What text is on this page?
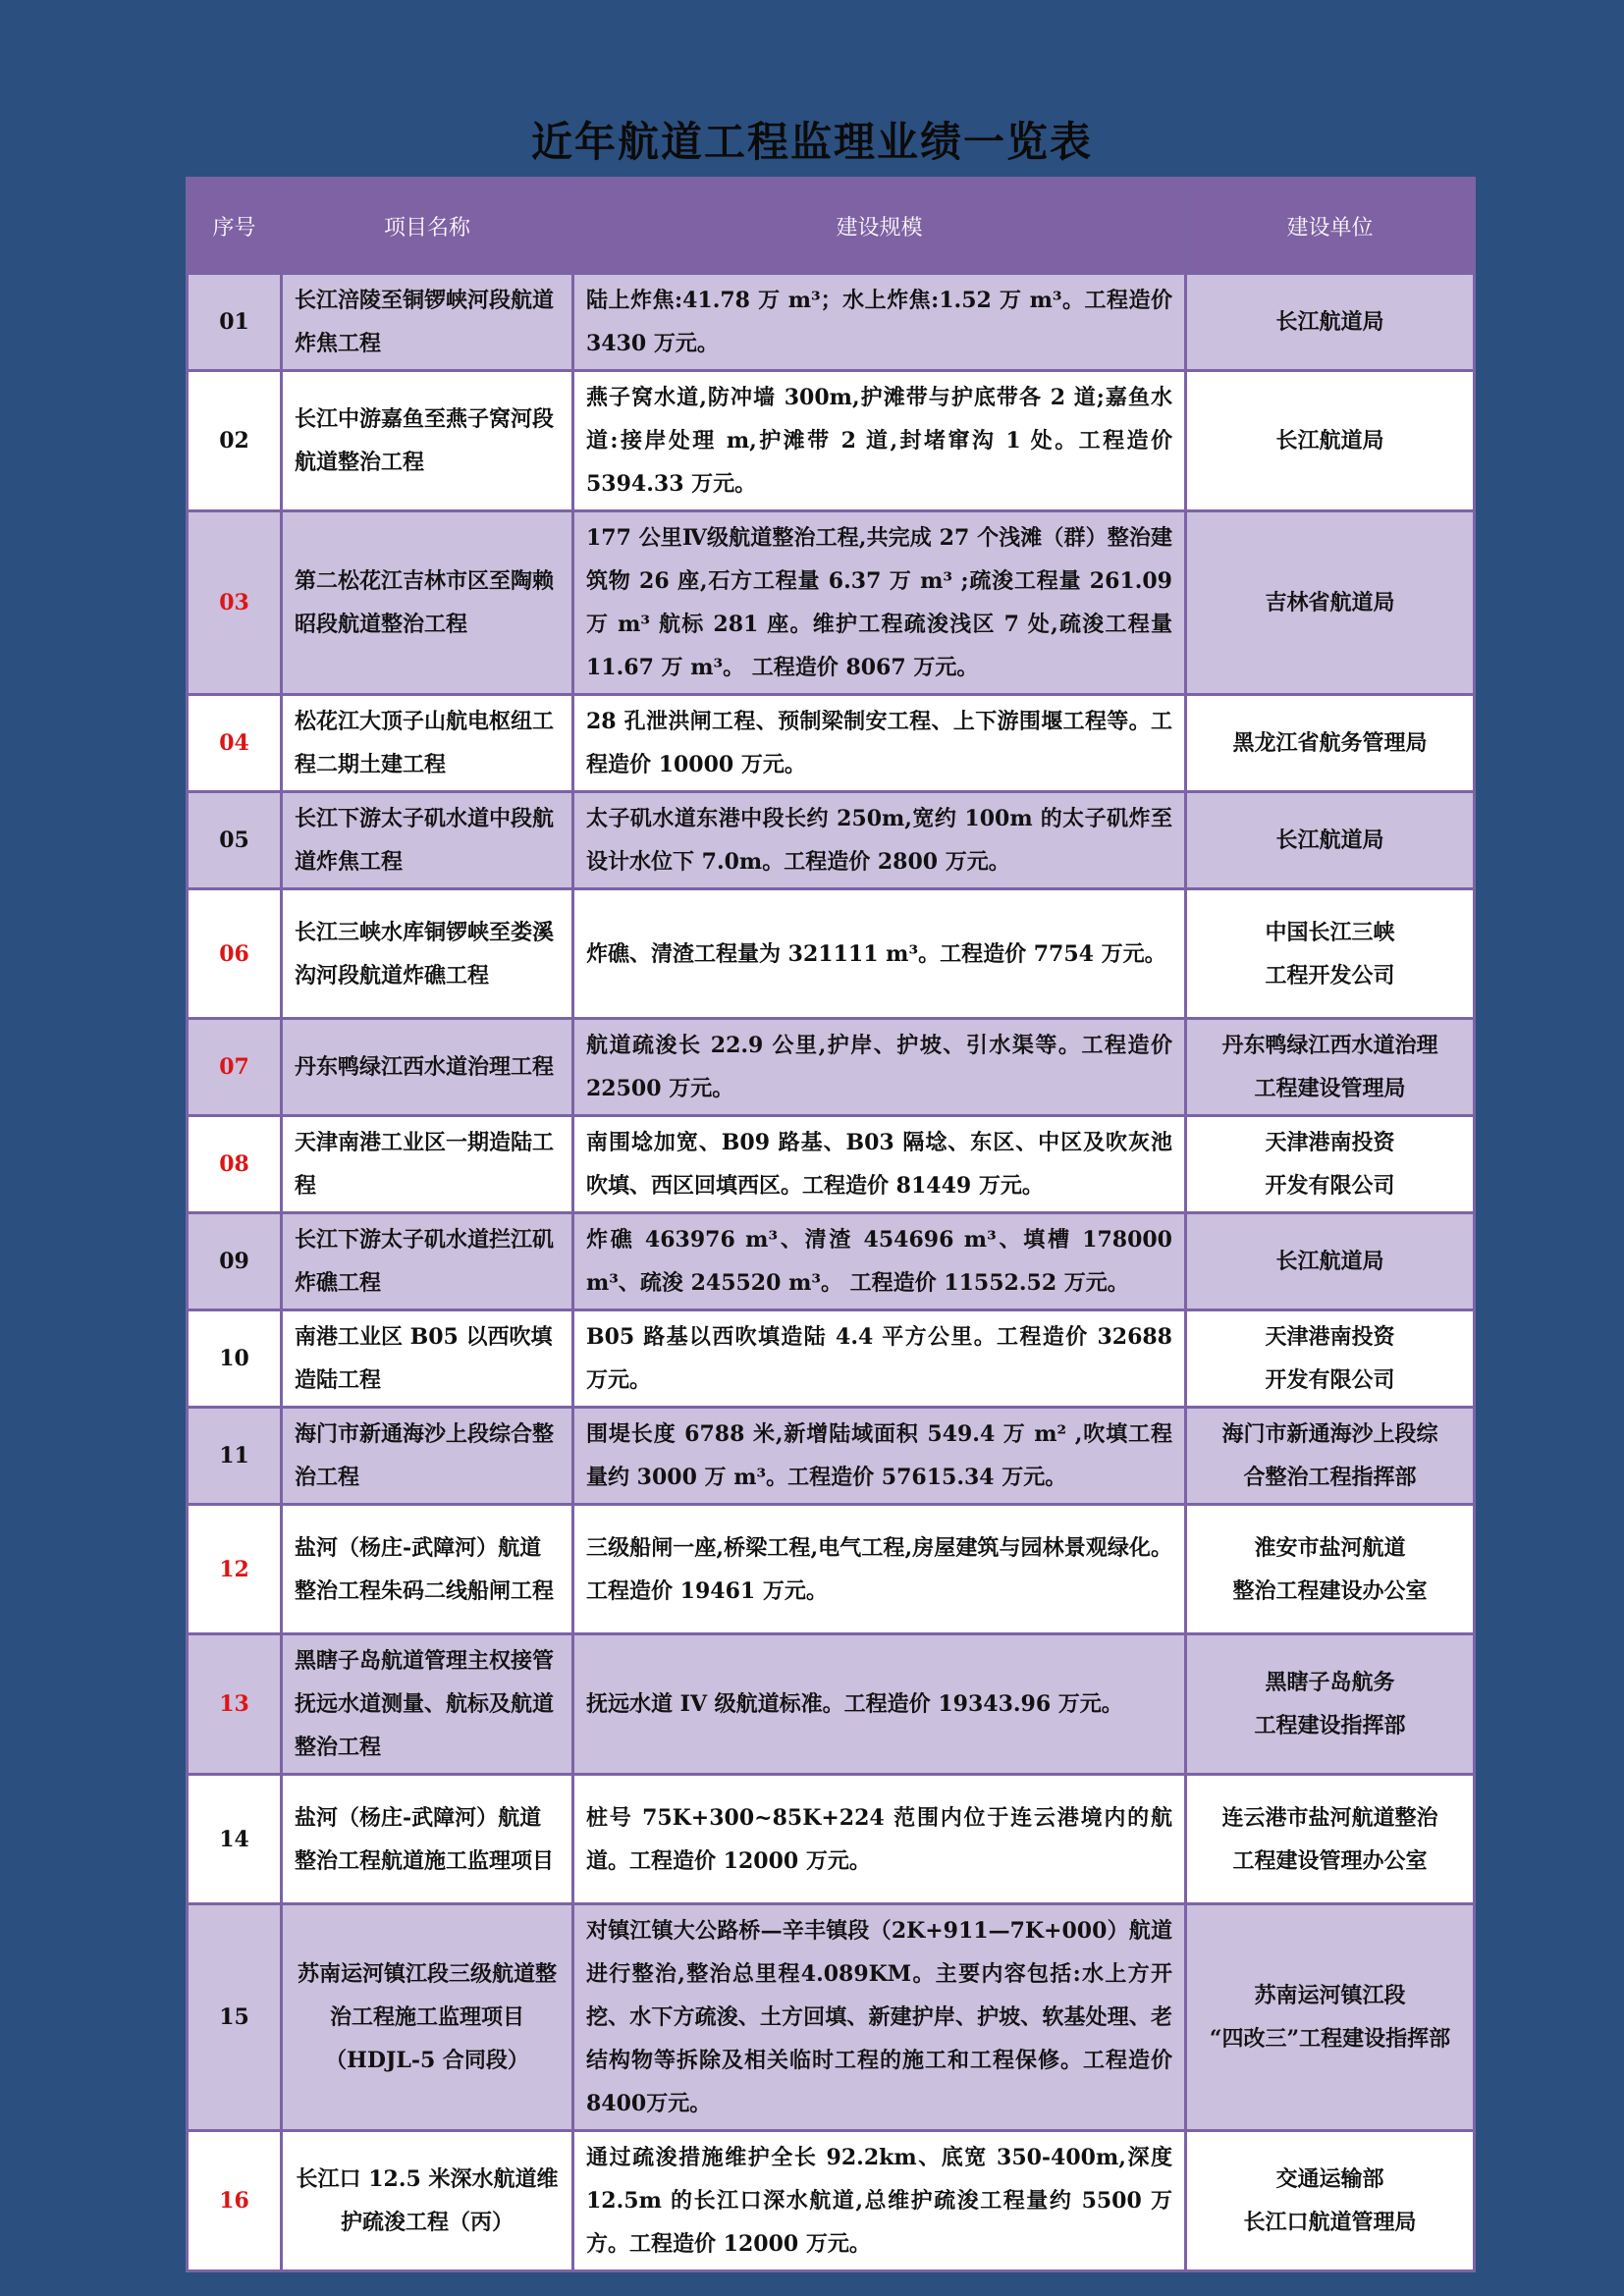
近年航道工程监理业绩一览表
序号	项目名称	建设规模	建设单位
01	长江涪陵至铜锣峡河段航道炸焦工程	陆上炸焦:41.78 万 m³；水上炸焦:1.52 万 m³。工程造价 3430 万元。	长江航道局

02	长江中游嘉鱼至燕子窝河段航道整治工程	燕子窝水道,防冲墙 300m,护滩带与护底带各 2 道;嘉鱼水道:接岸处理 m,护滩带 2 道,封堵窜沟 1 处。工程造价 5394.33 万元。	长江航道局

03	第二松花江吉林市区至陶赖昭段航道整治工程	177 公里Ⅳ级航道整治工程,共完成 27 个浅滩（群）整治建筑物 26 座,石方工程量 6.37 万 m³ ;疏浚工程量 261.09 万 m³ 航标 281 座。维护工程疏浚浅区 7 处,疏浚工程量 11.67 万 m³。 工程造价 8067 万元。	吉林省航道局

04	松花江大顶子山航电枢纽工程二期土建工程	28 孔泄洪闸工程、预制梁制安工程、上下游围堰工程等。工程造价 10000 万元。	黑龙江省航务管理局

05	长江下游太子矶水道中段航道炸焦工程	太子矶水道东港中段长约 250m,宽约 100m 的太子矶炸至设计水位下 7.0m。工程造价 2800 万元。	长江航道局

06	长江三峡水库铜锣峡至娄溪沟河段航道炸礁工程	炸礁、清渣工程量为 321111 m³。工程造价 7754 万元。	中国长江三峡
工程开发公司

07	丹东鸭绿江西水道治理工程	航道疏浚长 22.9 公里,护岸、护坡、引水渠等。工程造价 22500 万元。	丹东鸭绿江西水道治理
工程建设管理局

08	天津南港工业区一期造陆工程	南围埝加宽、B09 路基、B03 隔埝、东区、中区及吹灰池吹填、西区回填西区。工程造价 81449 万元。	天津港南投资
开发有限公司

09	长江下游太子矶水道拦江矶炸礁工程	炸礁 463976 m³、清渣 454696 m³、填槽 178000 m³、疏浚 245520 m³。 工程造价 11552.52 万元。	长江航道局

10	南港工业区 B05 以西吹填造陆工程	B05 路基以西吹填造陆 4.4 平方公里。工程造价 32688 万元。	天津港南投资
开发有限公司

11	海门市新通海沙上段综合整治工程	围堤长度 6788 米,新增陆域面积 549.4 万 m² ,吹填工程量约 3000 万 m³。工程造价 57615.34 万元。	海门市新通海沙上段综
合整治工程指挥部

12	盐河（杨庄-武障河）航道整治工程朱码二线船闸工程	三级船闸一座,桥梁工程,电气工程,房屋建筑与园林景观绿化。工程造价 19461 万元。	淮安市盐河航道
整治工程建设办公室

13	黑瞎子岛航道管理主权接管抚远水道测量、航标及航道整治工程	抚远水道 IV 级航道标准。工程造价 19343.96 万元。	黑瞎子岛航务
工程建设指挥部

14	盐河（杨庄-武障河）航道整治工程航道施工监理项目	桩号 75K+300~85K+224 范围内位于连云港境内的航道。工程造价 12000 万元。	连云港市盐河航道整治
工程建设管理办公室

15	苏南运河镇江段三级航道整治工程施工监理项目（HDJL-5 合同段）	对镇江镇大公路桥—辛丰镇段（2K+911—7K+000）航道进行整治,整治总里程4.089KM。主要内容包括:水上方开挖、水下方疏浚、土方回填、新建护岸、护坡、软基处理、老结构物等拆除及相关临时工程的施工和工程保修。工程造价8400万元。	苏南运河镇江段
“四改三”工程建设指挥部

16	长江口 12.5 米深水航道维护疏浚工程（丙）	通过疏浚措施维护全长 92.2km、底宽 350-400m,深度 12.5m 的长江口深水航道,总维护疏浚工程量约 5500 万方。工程造价 12000 万元。	交通运输部
长江口航道管理局
